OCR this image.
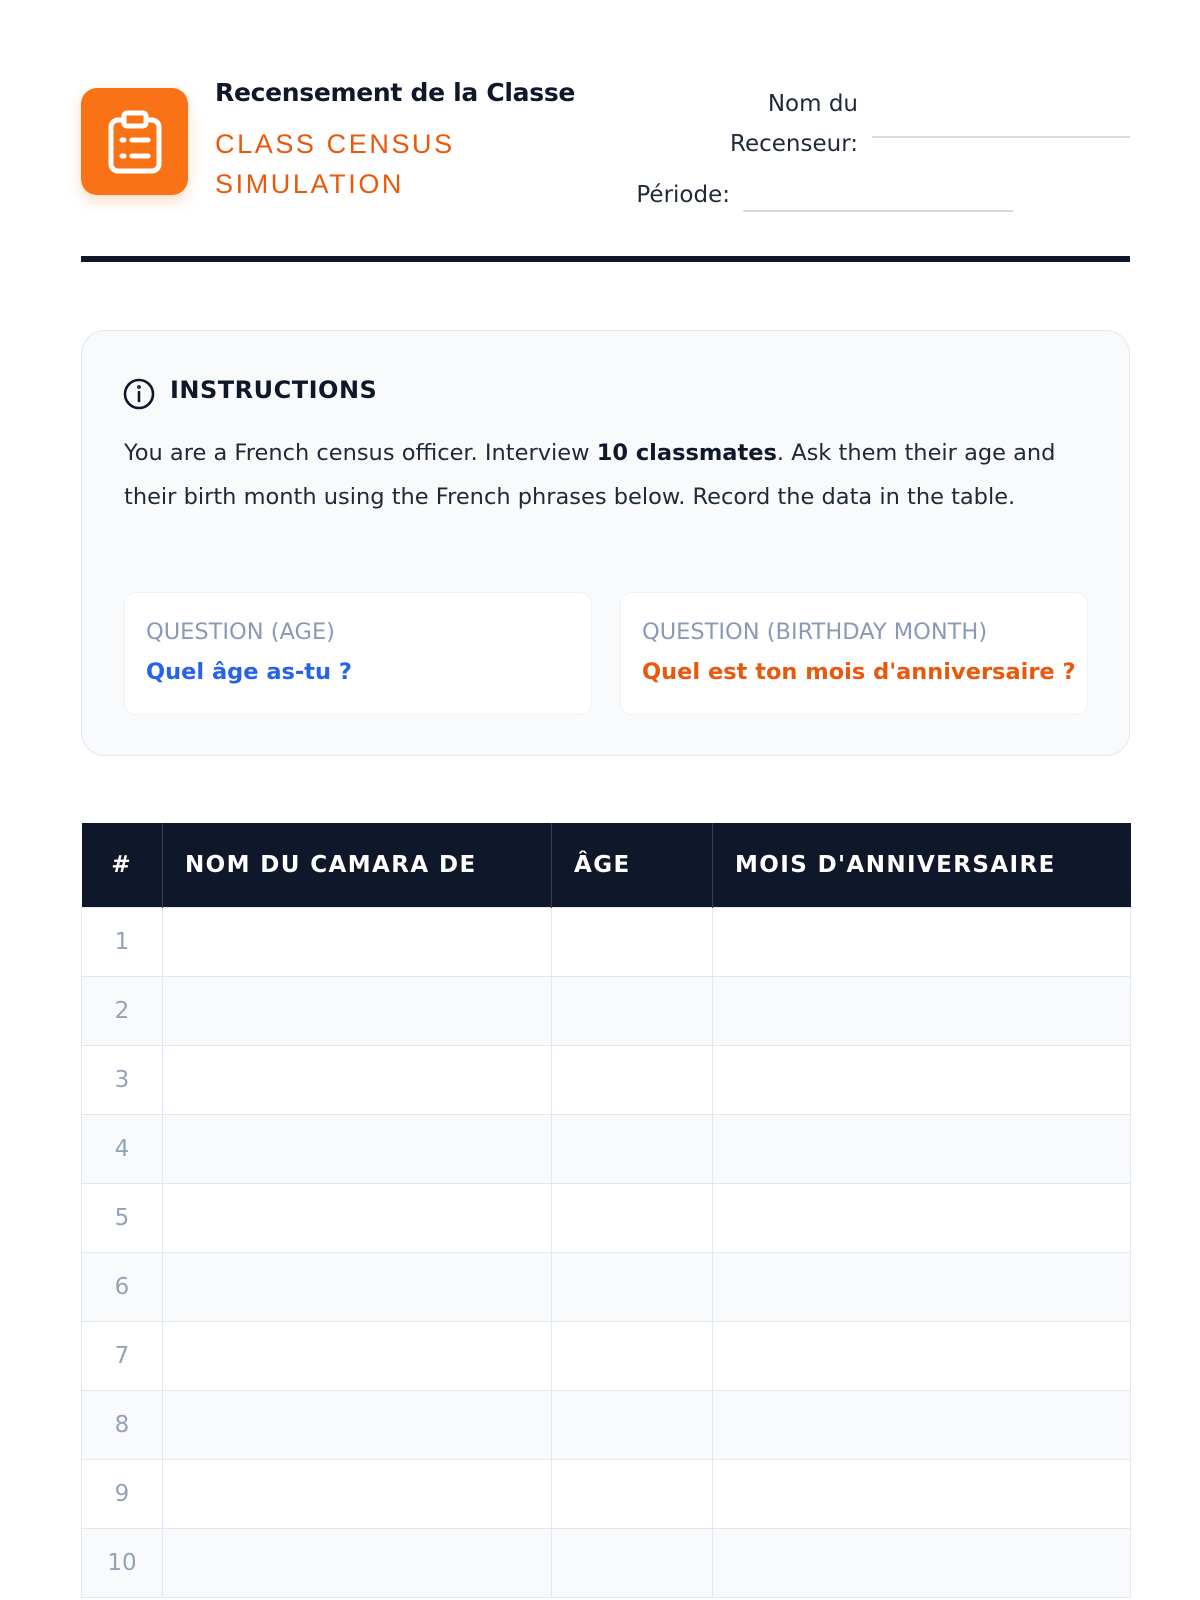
Recensement de la Classe
CLASS CENSUS SIMULATION
Nom du Recenseur:
Période:
INSTRUCTIONS
You are a French census officer. Interview 10 classmates. Ask them their age and their birth month using the French phrases below. Record the data in the table.
QUESTION (AGE)
Quel âge as-tu ?
QUESTION (BIRTHDAY MONTH)
Quel est ton mois d'anniversaire ?
#	NOM DU CAMARA DE	ÂGE	MOIS D'ANNIVERSAIRE
1			
2			
3			
4			
5			
6			
7			
8			
9			
10			
